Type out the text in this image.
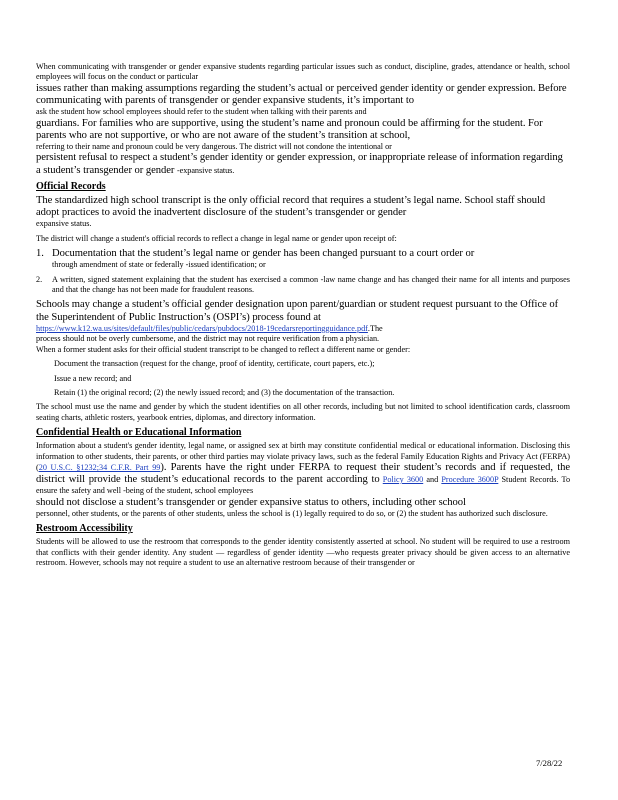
When communicating with transgender or gender expansive students regarding particular issues such as conduct, discipline, grades, attendance or health, school employees will focus on the conduct or particular

issues rather than making assumptions regarding the student’s actual or perceived gender identity or gender expression. Before communicating with parents of transgender or gender expansive students, it’s important to

ask the student how school employees should refer to the student when talking with their parents and

guardians. For families who are supportive, using the student’s name and pronoun could be affirming for the student. For parents who are not supportive, or who are not aware of the student’s transition at school,

referring to their name and pronoun could be very dangerous. The district will not condone the intentional or

persistent refusal to respect a student’s gender identity or gender expression, or inappropriate release of information regarding a student’s transgender or gender -expansive status.

Official Records

The standardized high school transcript is the only official record that requires a student’s legal name. School staff should adopt practices to avoid the inadvertent disclosure of the student’s transgender or gender

expansive status.

The district will change a student's official records to reflect a change in legal name or gender upon receipt of:

1. Documentation that the student’s legal name or gender has been changed pursuant to a court order or

through amendment of state or federally -issued identification; or

2.	A written, signed statement explaining that the student has exercised a common -law name change and has changed their name for all intents and purposes and that the change has not been made for fraudulent reasons.

Schools may change a student’s official gender designation upon parent/guardian or student request pursuant to the Office of the Superintendent of Public Instruction’s (OSPI’s) process found at

https://www.k12.wa.us/sites/default/files/public/cedars/pubdocs/2018-19cedarsreportingguidance.pdf.The

process should not be overly cumbersome, and the district may not require verification from a physician.

When a former student asks for their official student transcript to be changed to reflect a different name or gender:

Document the transaction (request for the change, proof of identity, certificate, court papers, etc.);
Issue a new record; and
Retain (1) the original record; (2) the newly issued record; and (3) the documentation of the transaction.

The school must use the name and gender by which the student identifies on all other records, including but not limited to school identification cards, classroom seating charts, athletic rosters, yearbook entries, diplomas, and directory information.

Confidential Health or Educational Information

Information about a student's gender identity, legal name, or assigned sex at birth may constitute confidential medical or educational information. Disclosing this information to other students, their parents, or other third parties may violate privacy laws, such as the federal Family Education Rights and Privacy Act (FERPA) (20 U.S.C. §1232;34 C.F.R. Part 99). Parents have the right under FERPA to request their student’s records and if requested, the district will provide the student’s educational records to the parent according to Policy 3600 and Procedure 3600P Student Records. To ensure the safety and well -being of the student, school employees

should not disclose a student’s transgender or gender expansive status to others, including other school

personnel, other students, or the parents of other students, unless the school is (1) legally required to do so, or (2) the student has authorized such disclosure.

Restroom Accessibility

Students will be allowed to use the restroom that corresponds to the gender identity consistently asserted at school. No student will be required to use a restroom that conflicts with their gender identity. Any student — regardless of gender identity —who requests greater privacy should be given access to an alternative restroom. However, schools may not require a student to use an alternative restroom because of their transgender or

7/28/22
